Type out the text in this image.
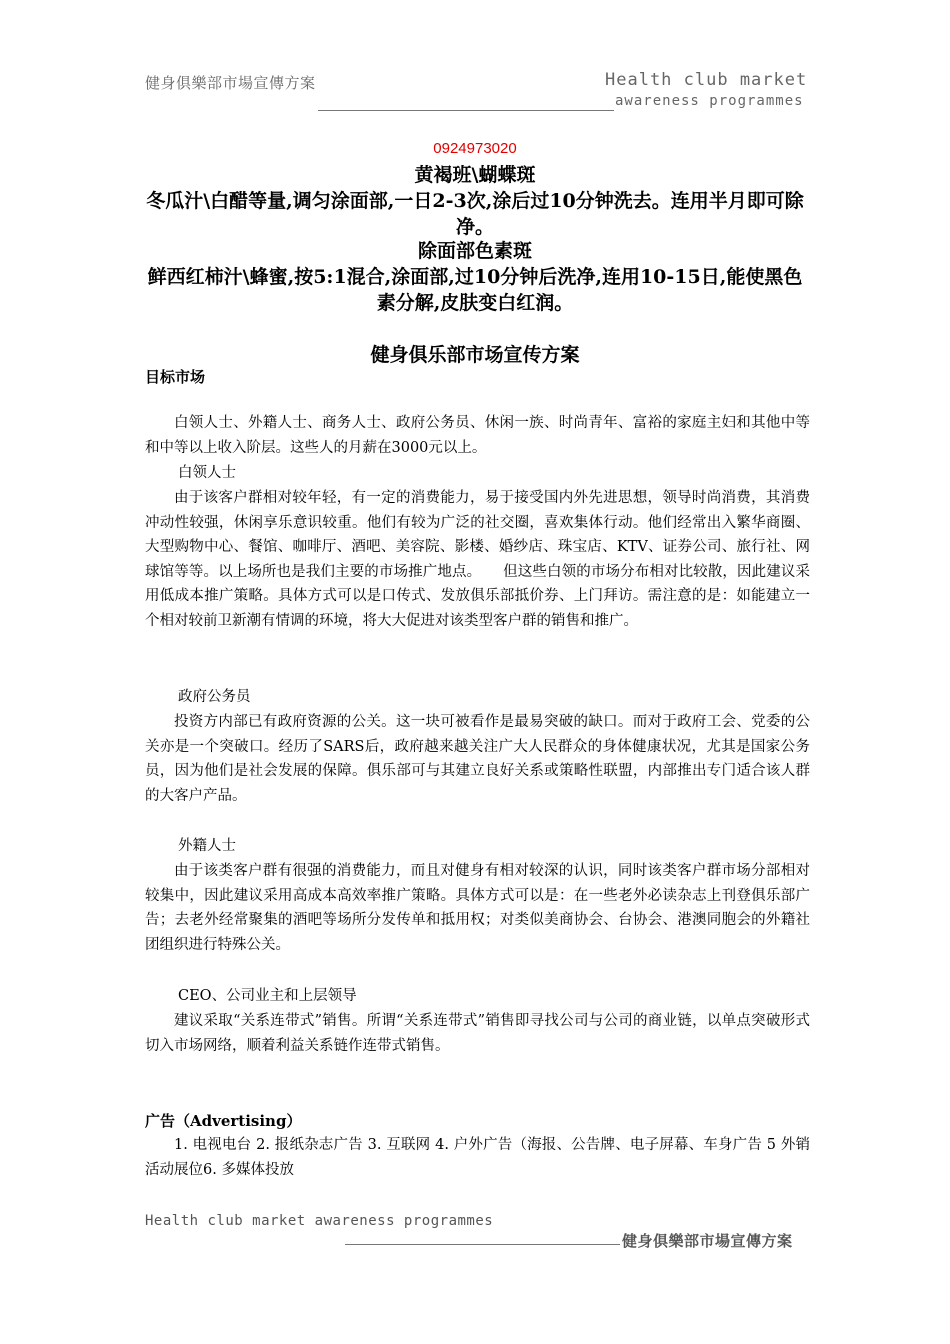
健身俱樂部市場宣傳方案	Health club market
awareness programmes
0924973020
黄褐班\蝴蝶斑
冬瓜汁\白醋等量,调匀涂面部,一日2-3次,涂后过10分钟洗去。连用半月即可除净。
除面部色素斑
鲜西红柿汁\蜂蜜,按5:1混合,涂面部,过10分钟后洗净,连用10-15日,能使黑色素分解,皮肤变白红润。
健身俱乐部市场宣传方案
目标市场
白领人士、外籍人士、商务人士、政府公务员、休闲一族、时尚青年、富裕的家庭主妇和其他中等和中等以上收入阶层。这些人的月薪在3000元以上。
白领人士
由于该客户群相对较年轻，有一定的消费能力，易于接受国内外先进思想，领导时尚消费，其消费冲动性较强，休闲享乐意识较重。他们有较为广泛的社交圈，喜欢集体行动。他们经常出入繁华商圈、大型购物中心、餐馆、咖啡厅、酒吧、美容院、影楼、婚纱店、珠宝店、KTV、证券公司、旅行社、网球馆等等。以上场所也是我们主要的市场推广地点。　　但这些白领的市场分布相对比较散，因此建议采用低成本推广策略。具体方式可以是口传式、发放俱乐部抵价券、上门拜访。需注意的是：如能建立一个相对较前卫新潮有情调的环境，将大大促进对该类型客户群的销售和推广。
政府公务员
投资方内部已有政府资源的公关。这一块可被看作是最易突破的缺口。而对于政府工会、党委的公关亦是一个突破口。经历了SARS后，政府越来越关注广大人民群众的身体健康状况，尤其是国家公务员，因为他们是社会发展的保障。俱乐部可与其建立良好关系或策略性联盟，内部推出专门适合该人群的大客户产品。
外籍人士
由于该类客户群有很强的消费能力，而且对健身有相对较深的认识，同时该类客户群市场分部相对较集中，因此建议采用高成本高效率推广策略。具体方式可以是：在一些老外必读杂志上刊登俱乐部广告；去老外经常聚集的酒吧等场所分发传单和抵用权；对类似美商协会、台协会、港澳同胞会的外籍社团组织进行特殊公关。
CEO、公司业主和上层领导
建议采取“关系连带式”销售。所谓“关系连带式”销售即寻找公司与公司的商业链，以单点突破形式切入市场网络，顺着利益关系链作连带式销售。
广告（Advertising）
1. 电视电台 2. 报纸杂志广告 3. 互联网 4. 户外广告（海报、公告牌、电子屏幕、车身广告 5 外销活动展位6. 多媒体投放
Health club market awareness programmes
健身俱樂部市場宣傳方案
